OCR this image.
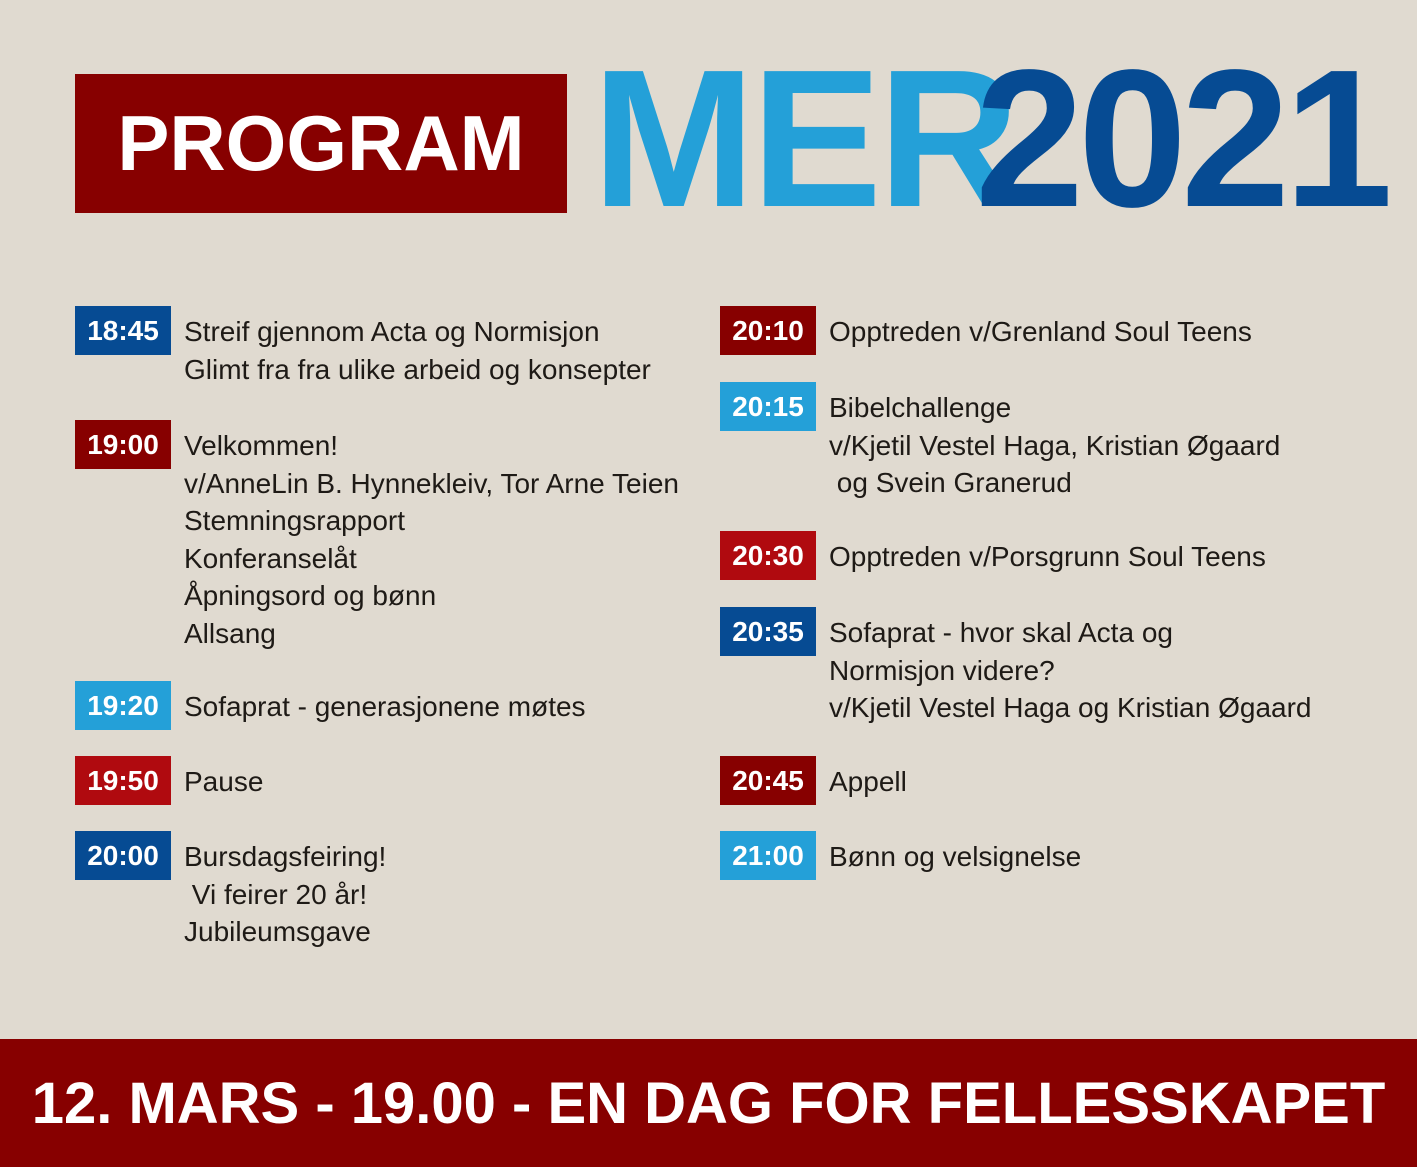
PROGRAM MER
2021
18:45 Streif gjennom Acta og Normisjon
Glimt fra fra ulike arbeid og konsepter
19:00 Velkommen!
v/AnneLin B. Hynnekleiv, Tor Arne Teien
Stemningsrapport
Konferanselåt
Åpningsord og bønn
Allsang
19:20 Sofaprat - generasjonene møtes
19:50 Pause
20:00 Bursdagsfeiring!
Vi feirer 20 år!
Jubileumsgave
20:10 Opptreden v/Grenland Soul Teens
20:15 Bibelchallenge
v/Kjetil Vestel Haga, Kristian Øgaard
og Svein Granerud
20:30 Opptreden v/Porsgrunn Soul Teens
20:35 Sofaprat - hvor skal Acta og
Normisjon videre?
v/Kjetil Vestel Haga og Kristian Øgaard
20:45 Appell
21:00 Bønn og velsignelse
12. MARS - 19.00 - EN DAG FOR FELLESSKAPET
